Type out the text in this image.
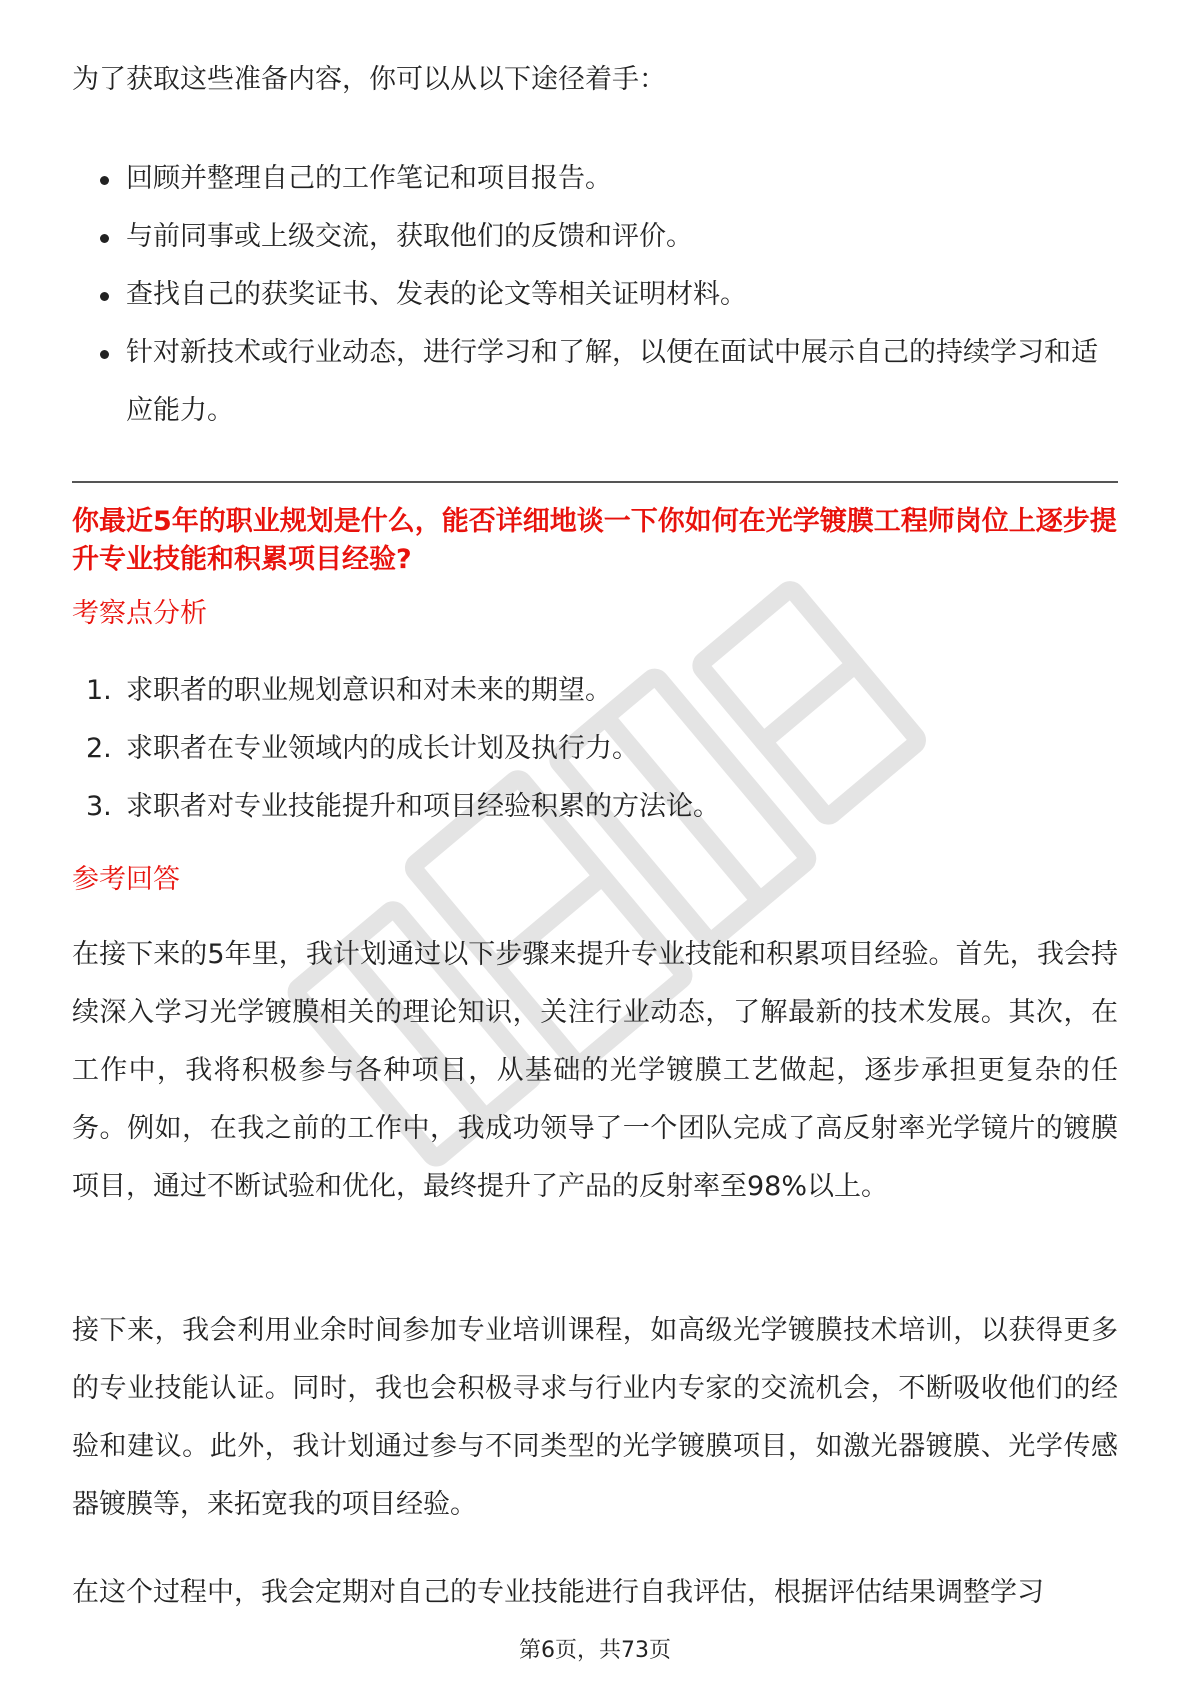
为了获取这些准备内容，你可以从以下途径着手：

回顾并整理自己的工作笔记和项目报告。
与前同事或上级交流，获取他们的反馈和评价。
查找自己的获奖证书、发表的论文等相关证明材料。
针对新技术或行业动态，进行学习和了解，以便在面试中展示自己的持续学习和适应能力。

你最近5年的职业规划是什么，能否详细地谈一下你如何在光学镀膜工程师岗位上逐步提升专业技能和积累项目经验?

考察点分析

1. 求职者的职业规划意识和对未来的期望。
2. 求职者在专业领域内的成长计划及执行力。
3. 求职者对专业技能提升和项目经验积累的方法论。

参考回答

在接下来的5年里，我计划通过以下步骤来提升专业技能和积累项目经验。首先，我会持续深入学习光学镀膜相关的理论知识，关注行业动态，了解最新的技术发展。其次，在工作中，我将积极参与各种项目，从基础的光学镀膜工艺做起，逐步承担更复杂的任务。例如，在我之前的工作中，我成功领导了一个团队完成了高反射率光学镜片的镀膜项目，通过不断试验和优化，最终提升了产品的反射率至98%以上。

接下来，我会利用业余时间参加专业培训课程，如高级光学镀膜技术培训，以获得更多的专业技能认证。同时，我也会积极寻求与行业内专家的交流机会，不断吸收他们的经验和建议。此外，我计划通过参与不同类型的光学镀膜项目，如激光器镀膜、光学传感器镀膜等，来拓宽我的项目经验。

在这个过程中，我会定期对自己的专业技能进行自我评估，根据评估结果调整学习

第6页，共73页
